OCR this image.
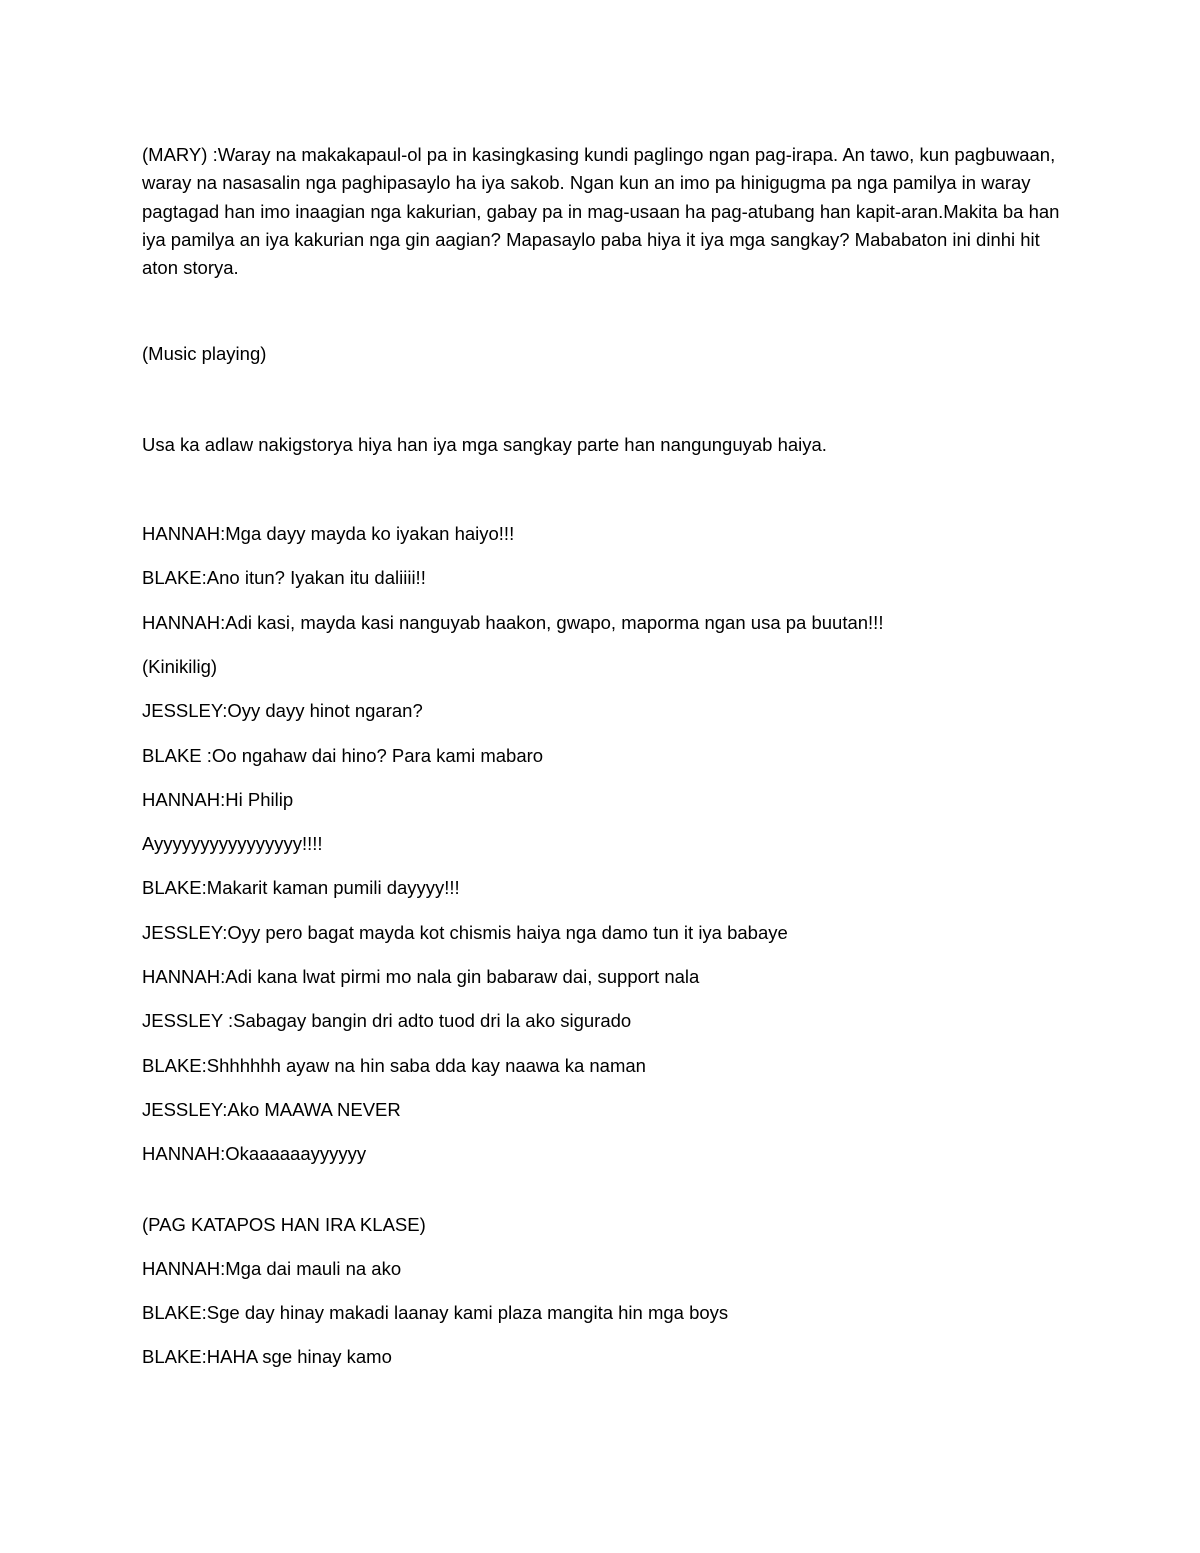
(MARY) :Waray na makakapaul-ol pa in kasingkasing kundi paglingo ngan pag-irapa. An tawo, kun pagbuwaan, waray na nasasalin nga paghipasaylo ha iya sakob. Ngan kun an imo pa hinigugma pa nga pamilya in waray pagtagad han imo inaagian nga kakurian, gabay pa in mag-usaan ha pag-atubang han kapit-aran.Makita ba han iya pamilya an iya kakurian nga gin aagian? Mapasaylo paba hiya it iya mga sangkay? Mababaton ini dinhi hit aton storya.

(Music playing)

Usa ka adlaw nakigstorya hiya han iya mga sangkay parte han nangunguyab haiya.

HANNAH:Mga dayy mayda ko iyakan haiyo!!!
BLAKE:Ano itun? Iyakan itu daliiii!!
HANNAH:Adi kasi, mayda kasi nanguyab haakon, gwapo, maporma ngan usa pa buutan!!!
(Kinikilig)
JESSLEY:Oyy dayy hinot ngaran?
BLAKE :Oo ngahaw dai hino? Para kami mabaro
HANNAH:Hi Philip
Ayyyyyyyyyyyyyyyy!!!!
BLAKE:Makarit kaman pumili dayyyy!!!
JESSLEY:Oyy pero bagat mayda kot chismis haiya nga damo tun it iya babaye
HANNAH:Adi kana lwat pirmi mo nala gin babaraw dai, support nala
JESSLEY :Sabagay bangin dri adto tuod dri la ako sigurado
BLAKE:Shhhhhh ayaw na hin saba dda kay naawa ka naman
JESSLEY:Ako MAAWA NEVER
HANNAH:Okaaaaaayyyyyy
(PAG KATAPOS HAN IRA KLASE)
HANNAH:Mga dai mauli na ako
BLAKE:Sge day hinay makadi laanay kami plaza mangita hin mga boys
BLAKE:HAHA sge hinay kamo
